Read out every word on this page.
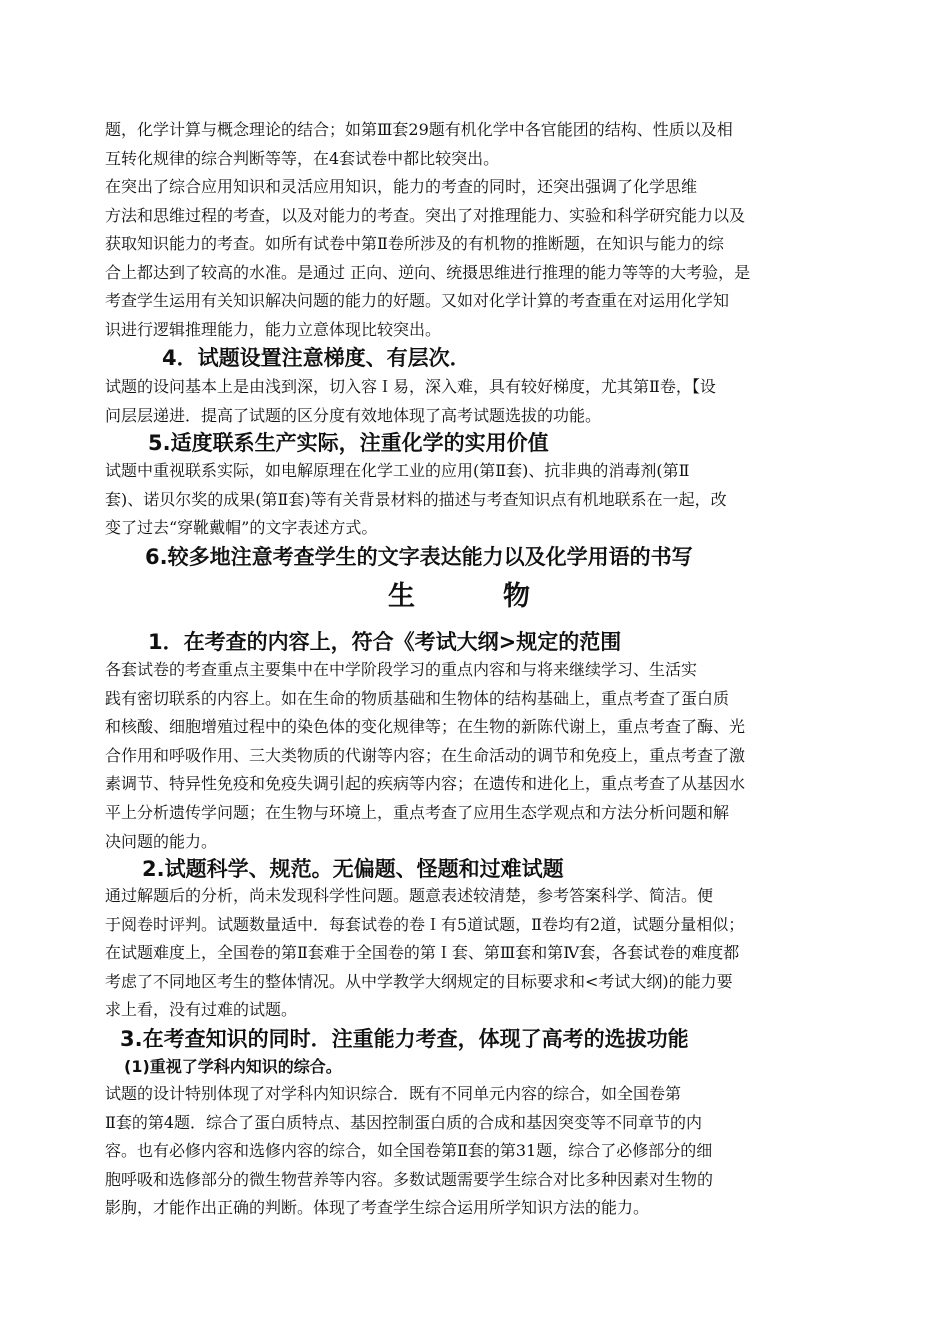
题，化学计算与概念理论的结合；如第Ⅲ套29题有机化学中各官能团的结构、性质以及相
互转化规律的综合判断等等，在4套试卷中都比较突出。

在突出了综合应用知识和灵活应用知识，能力的考查的同时，还突出强调了化学思维
方法和思维过程的考查，以及对能力的考查。突出了对推理能力、实验和科学研究能力以及
获取知识能力的考查。如所有试卷中第Ⅱ卷所涉及的有机物的推断题，在知识与能力的综
合上都达到了较高的水准。是通过 正向、逆向、统摄思维进行推理的能力等等的大考验，是
考查学生运用有关知识解决问题的能力的好题。又如对化学计算的考查重在对运用化学知
识进行逻辑推理能力，能力立意体现比较突出。

4．试题设置注意梯度、有层次．

试题的设问基本上是由浅到深，切入容Ｉ易，深入难，具有较好梯度，尤其第Ⅱ卷，【设
问层层递进．提高了试题的区分度有效地体现了高考试题选拔的功能。

5.适度联系生产实际，注重化学的实用价值

试题中重视联系实际，如电解原理在化学工业的应用(第Ⅱ套)、抗非典的消毒剂(第Ⅱ
套)、诺贝尔奖的成果(第Ⅱ套)等有关背景材料的描述与考查知识点有机地联系在一起，改
变了过去“穿靴戴帽”的文字表述方式。

6.较多地注意考查学生的文字表达能力以及化学用语的书写
生物
1．在考查的内容上，符合《考试大纲>规定的范围

各套试卷的考查重点主要集中在中学阶段学习的重点内容和与将来继续学习、生活实
践有密切联系的内容上。如在生命的物质基础和生物体的结构基础上，重点考查了蛋白质
和核酸、细胞增殖过程中的染色体的变化规律等；在生物的新陈代谢上，重点考查了酶、光
合作用和呼吸作用、三大类物质的代谢等内容；在生命活动的调节和免疫上，重点考查了激
素调节、特异性免疫和免疫失调引起的疾病等内容；在遗传和进化上，重点考查了从基因水
平上分析遗传学问题；在生物与环境上，重点考查了应用生态学观点和方法分析问题和解
决问题的能力。

2.试题科学、规范。无偏题、怪题和过难试题

通过解题后的分析，尚未发现科学性问题。题意表述较清楚，参考答案科学、简洁。便
于阅卷时评判。试题数量适中．每套试卷的卷Ｉ有5道试题，Ⅱ卷均有2道，试题分量相似；
在试题难度上，全国卷的第Ⅱ套难于全国卷的第Ｉ套、第Ⅲ套和第Ⅳ套，各套试卷的难度都
考虑了不同地区考生的整体情况。从中学教学大纲规定的目标要求和<考试大纲)的能力要
求上看，没有过难的试题。

3.在考查知识的同时．注重能力考查，体现了高考的选拔功能
(1)重视了学科内知识的综合。

试题的设计特别体现了对学科内知识综合．既有不同单元内容的综合，如全国卷第
Ⅱ套的第4题．综合了蛋白质特点、基因控制蛋白质的合成和基因突变等不同章节的内
容。也有必修内容和选修内容的综合，如全国卷第Ⅱ套的第31题，综合了必修部分的细
胞呼吸和选修部分的微生物营养等内容。多数试题需要学生综合对比多种因素对生物的
影朐，才能作出正确的判断。体现了考查学生综合运用所学知识方法的能力。
